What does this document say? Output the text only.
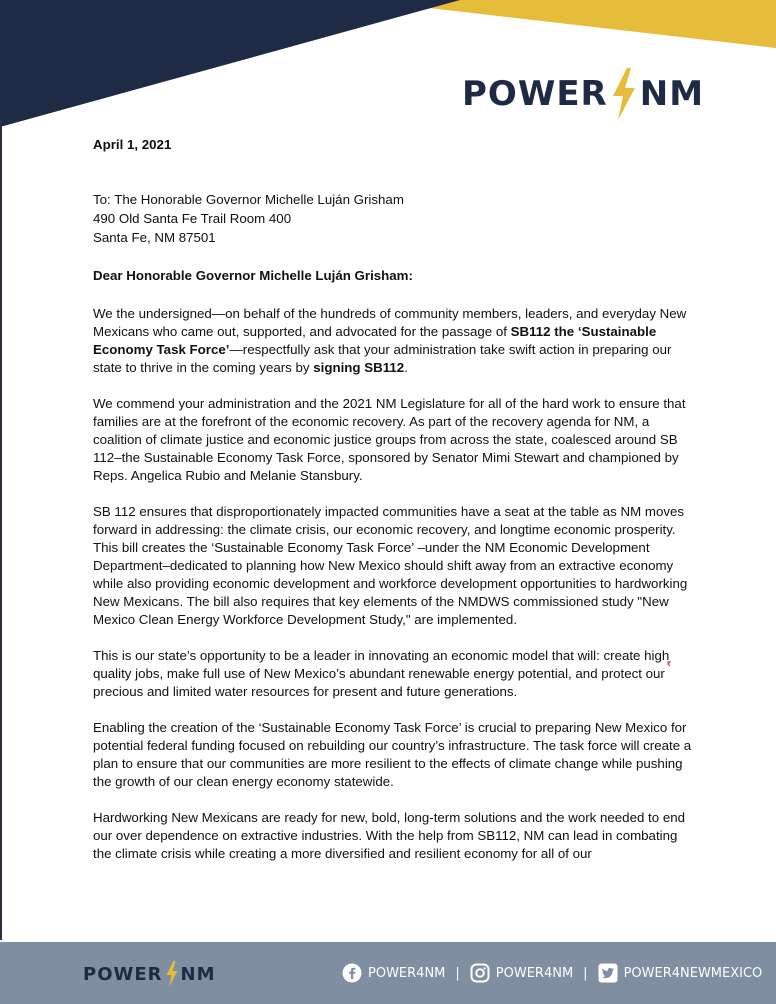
POWER NM
April 1, 2021
To: The Honorable Governor Michelle Luján Grisham
490 Old Santa Fe Trail Room 400
Santa Fe, NM 87501
Dear Honorable Governor Michelle Luján Grisham:

We the undersigned—on behalf of the hundreds of community members, leaders, and everyday New Mexicans who came out, supported, and advocated for the passage of SB112 the ‘Sustainable Economy Task Force’—respectfully ask that your administration take swift action in preparing our state to thrive in the coming years by signing SB112.

We commend your administration and the 2021 NM Legislature for all of the hard work to ensure that families are at the forefront of the economic recovery. As part of the recovery agenda for NM, a coalition of climate justice and economic justice groups from across the state, coalesced around SB 112–the Sustainable Economy Task Force, sponsored by Senator Mimi Stewart and championed by Reps. Angelica Rubio and Melanie Stansbury.

SB 112 ensures that disproportionately impacted communities have a seat at the table as NM moves forward in addressing: the climate crisis, our economic recovery, and longtime economic prosperity. This bill creates the ‘Sustainable Economy Task Force’ –under the NM Economic Development Department–dedicated to planning how New Mexico should shift away from an extractive economy while also providing economic development and workforce development opportunities to hardworking New Mexicans. The bill also requires that key elements of the NMDWS commissioned study "New Mexico Clean Energy Workforce Development Study," are implemented.

This is our state’s opportunity to be a leader in innovating an economic model that will: create high quality jobs, make full use of New Mexico’s abundant renewable energy potential, and protect our precious and limited water resources for present and future generations.

Enabling the creation of the ‘Sustainable Economy Task Force’ is crucial to preparing New Mexico for potential federal funding focused on rebuilding our country’s infrastructure. The task force will create a plan to ensure that our communities are more resilient to the effects of climate change while pushing the growth of our clean energy economy statewide.

Hardworking New Mexicans are ready for new, bold, long-term solutions and the work needed to end our over dependence on extractive industries. With the help from SB112, NM can lead in combating the climate crisis while creating a more diversified and resilient economy for all of our

POWER NM	POWER4NM |	POWER4NM |	POWER4NEWMEXICO
